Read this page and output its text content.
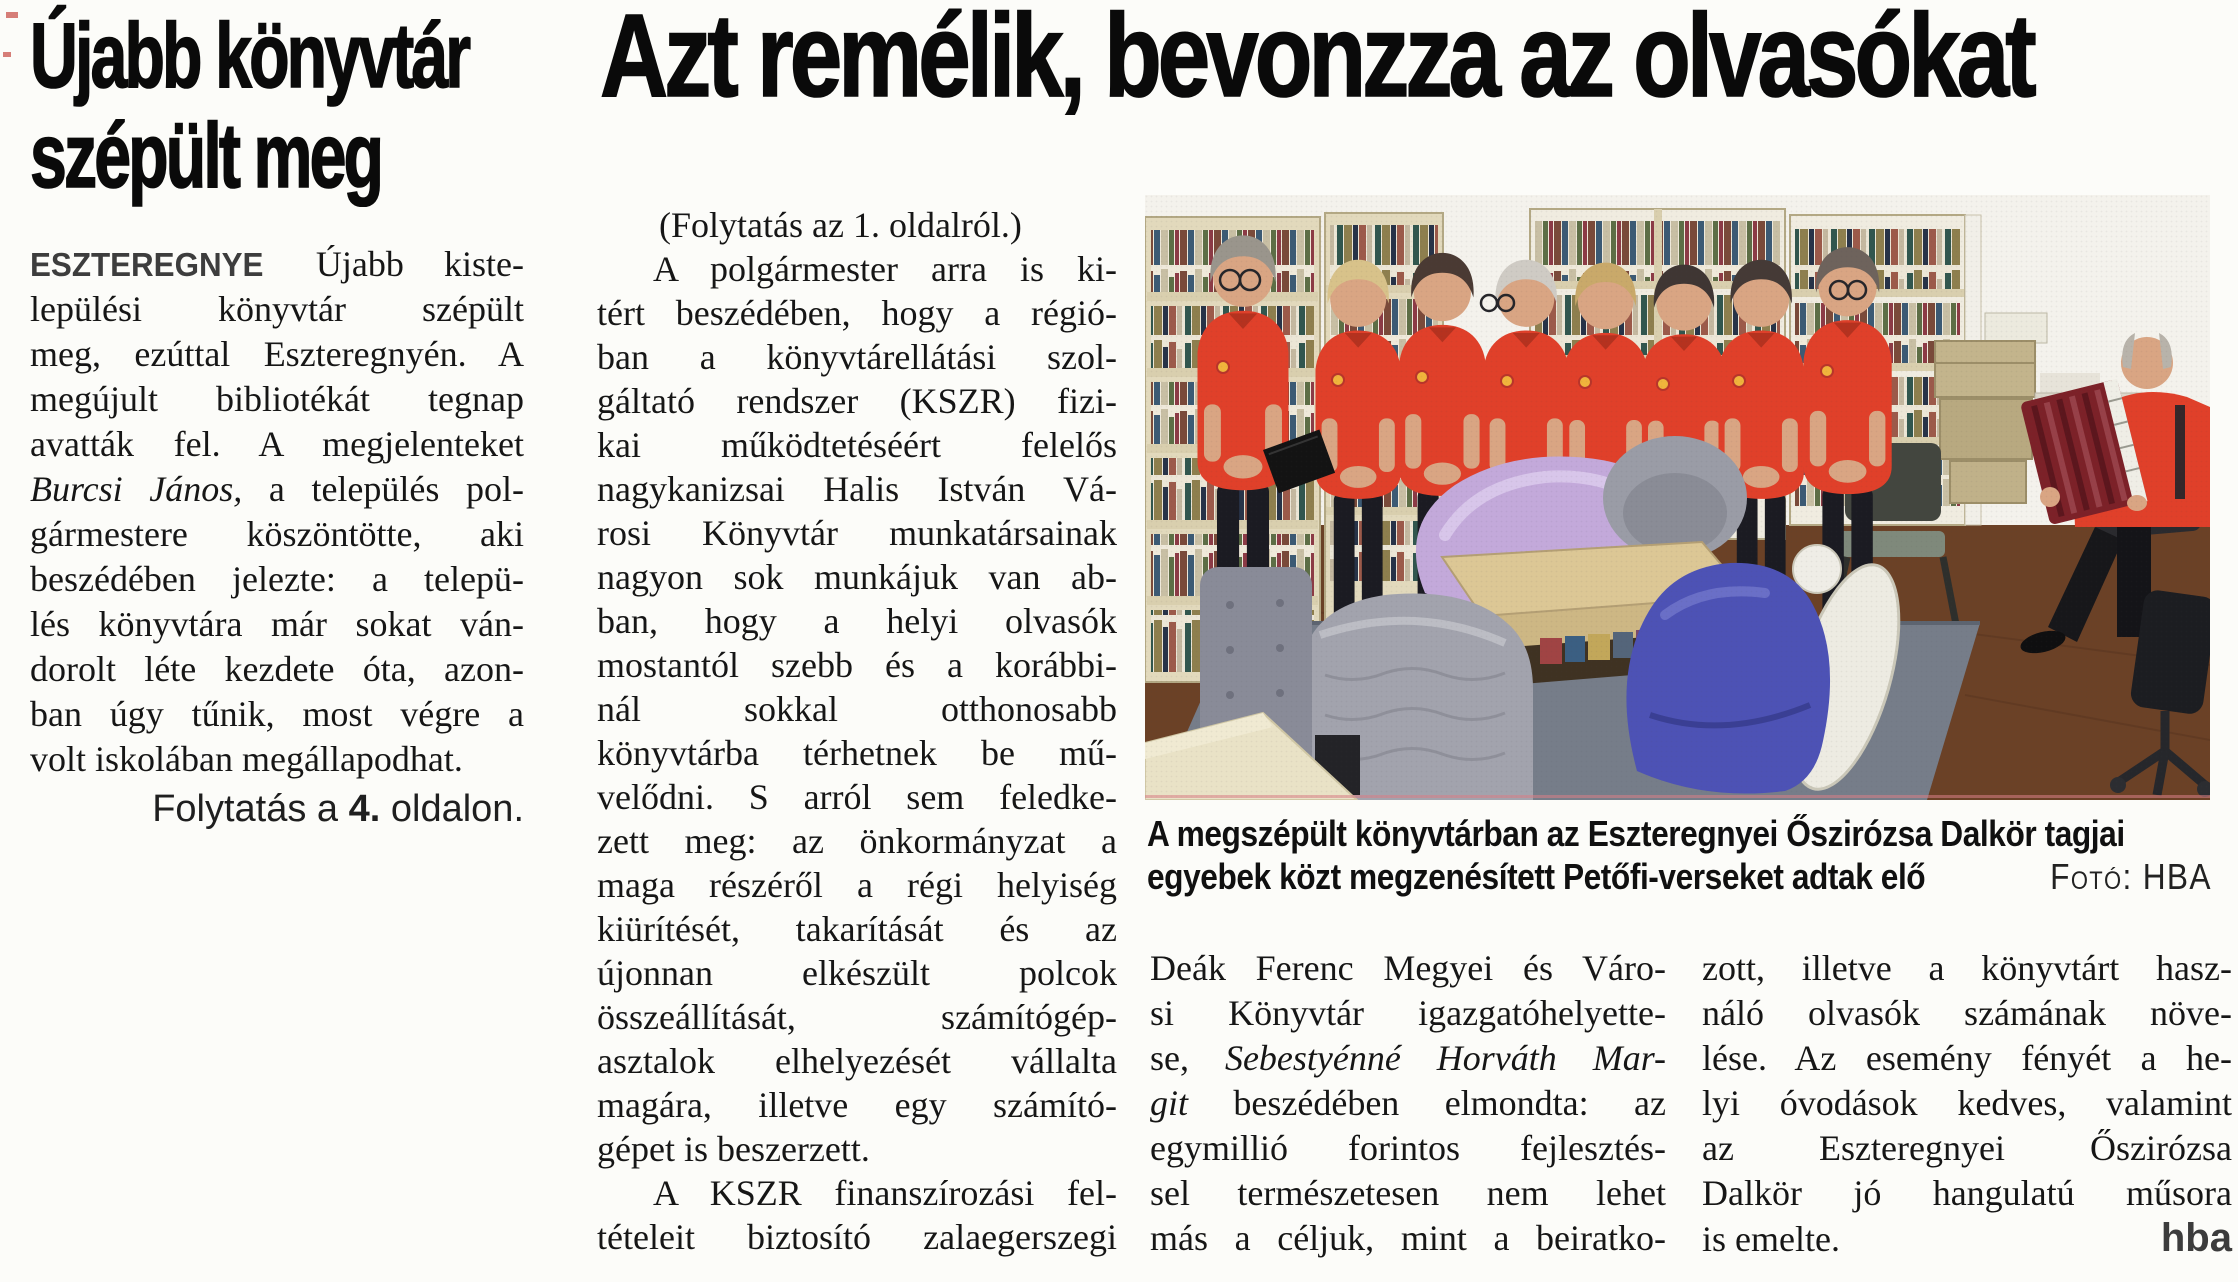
Újabb könyvtár
szépült meg
Azt remélik, bevonzza az olvasókat
ESZTEREGNYE Újabb kiste-
lepülési könyvtár szépült
meg, ezúttal Eszteregnyén. A
megújult bibliotékát tegnap
avatták fel. A megjelenteket
Burcsi János, a település pol-
gármestere köszöntötte, aki
beszédében jelezte: a telepü-
lés könyvtára már sokat ván-
dorolt léte kezdete óta, azon-
ban úgy tűnik, most végre a
volt iskolában megállapodhat.
Folytatás a 4. oldalon.
(Folytatás az 1. oldalról.)
A polgármester arra is ki-
tért beszédében, hogy a régió-
ban a könyvtárellátási szol-
gáltató rendszer (KSZR) fizi-
kai működtetéséért felelős
nagykanizsai Halis István Vá-
rosi Könyvtár munkatársainak
nagyon sok munkájuk van ab-
ban, hogy a helyi olvasók
mostantól szebb és a korábbi-
nál sokkal otthonosabb
könyvtárba térhetnek be mű-
velődni. S arról sem feledke-
zett meg: az önkormányzat a
maga részéről a régi helyiség
kiürítését, takarítását és az
újonnan elkészült polcok
összeállítását, számítógép-
asztalok elhelyezését vállalta
magára, illetve egy számító-
gépet is beszerzett.
A KSZR finanszírozási fel-
tételeit biztosító zalaegerszegi
A megszépült könyvtárban az Eszteregnyei Őszirózsa Dalkör tagjai
egyebek közt megzenésített Petőfi-verseket adtak elő	Fotó: HBA
Deák Ferenc Megyei és Váro-
si Könyvtár igazgatóhelyette-
se, Sebestyénné Horváth Mar-
git beszédében elmondta: az
egymillió forintos fejlesztés-
sel természetesen nem lehet
más a céljuk, mint a beiratko-
zott, illetve a könyvtárt hasz-
náló olvasók számának növe-
lése. Az esemény fényét a he-
lyi óvodások kedves, valamint
az Eszteregnyei Őszirózsa
Dalkör jó hangulatú műsora
is emelte.	hba
